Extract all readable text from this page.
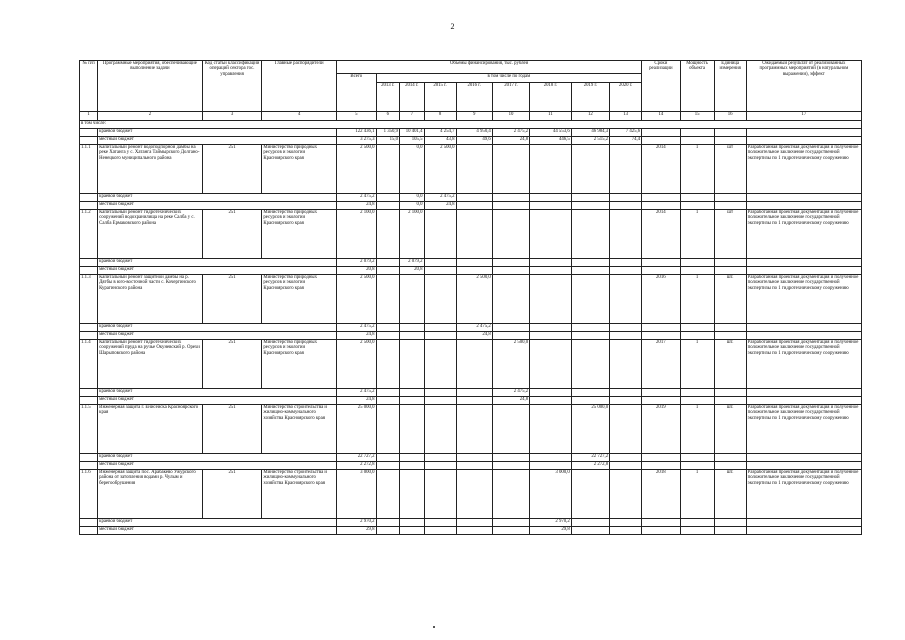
2
№ п/п	Программные мероприятия, обеспечивающие выполнение задачи	Код статьи классификации операций сектора гос. управления	Главные распорядители	Объемы финансирования, тыс. рублей									Сроки реализации	Мощность объекта	Единица измерения	Ожидаемый результат от реализованных программных мероприятий (в натуральном выражении), эффект
				Всего	в том числе по годам											
					2013 г.	2014 г.	2015 г.	2016 г.	2017 г.	2018 г.	2019 г.	2020 г.				
1	2	3	4	5	6	7	8	9	10	11	12	13	14	15	16	17
в том числе:																
	краевой бюджет			122 436,1	1 350,9	10 401,4	4 254,7	4 950,4	2 475,2	44 553,6	46 984,3	7 425,6				
	местный бюджет			3 275,3	15,0	105,5	43,8	49,6	24,8	446,5	2 515,2	74,4				
1.1.1	Капитальный ремонт водоподпорной дамбы на реке Хатанга у с. Хатанга Таймырского Долгано-Ненецкого муниципального района	251	Министерство природных ресурсов и экологии Красноярского края	2 500,0		0,0	2 500,0						2014	1	шт	Разработанная проектная документация и полученное положительное заключение государственной экспертизы по 1 гидротехническому сооружению
	краевой бюджет			2 475,2		0,0	2 475,2									
	местный бюджет			24,8		0,0	24,8									
1.1.2	Капитальный ремонт гидротехнических сооружений водохранилища на реке Салба у с. Салба Ермаковского района	251	Министерство природных ресурсов и экологии Красноярского края	2 100,0		2 100,0							2014	1	шт	Разработанная проектная документация и полученное положительное заключение государственной экспертизы по 1 гидротехническому сооружению
	краевой бюджет			2 079,2		2 079,2										
	местный бюджет			20,8		20,8										
1.1.3	Капитальный ремонт защитной дамбы на р. Дягбы в юго-восточной части с. Кочергинского Курагинского района	251	Министерство природных ресурсов и экологии Красноярского края	2 500,0				2 500,0					2016	1	шт.	Разработанная проектная документация и полученное положительное заключение государственной экспертизы по 1 гидротехническому сооружению
	краевой бюджет			2 475,2				2 475,2								
	местный бюджет			24,8				24,8								
1.1.4	Капитальный ремонт гидротехнических сооружений пруда на ручье Окуневский р. Орехи Шарыповского района	251	Министерство природных ресурсов и экологии Красноярского края	2 500,0					2 500,0				2017	1	шт.	Разработанная проектная документация и полученное положительное заключение государственной экспертизы по 1 гидротехническому сооружению
	краевой бюджет			2 475,2					2 475,2							
	местный бюджет			24,8					24,8							
1.1.5	Инженерная защита г. Енисейска Красноярского края	251	Министерство строительства и жилищно-коммунального хозяйства Красноярского края	25 000,0							25 000,0		2019	1	шт.	Разработанная проектная документация и полученное положительное заключение государственной экспертизы по 1 гидротехническому сооружению
	краевой бюджет			22 727,2							22 727,2					
	местный бюджет			2 272,8							2 272,8					
1.1.6	Инженерная защита пос. Арабакево Ужурского района от затопления водами р. Чулым и берегообрушения	251	Министерство строительства и жилищно-коммунального хозяйства Красноярского края	3 000,0						3 000,0			2018	1	шт.	Разработанная проектная документация и полученное положительное заключение государственной экспертизы по 1 гидротехническому сооружению
	краевой бюджет			2 970,2						2 970,2						
	местный бюджет			29,8						29,8						
